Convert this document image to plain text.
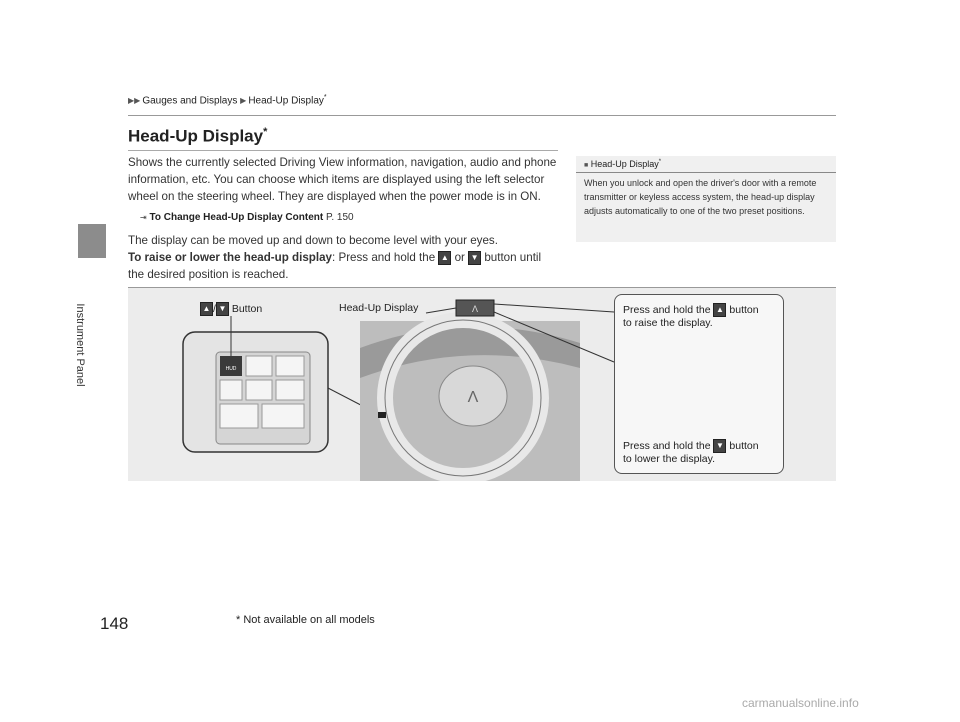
Instrument Panel
▶▶ Gauges and Displays ▶ Head-Up Display*
Head-Up Display*
Shows the currently selected Driving View information, navigation, audio and phone information, etc. You can choose which items are displayed using the left selector wheel on the steering wheel. They are displayed when the power mode is in ON.
⇥ To Change Head-Up Display Content P. 150
The display can be moved up and down to become level with your eyes.
To raise or lower the head-up display: Press and hold the ▲ or ▼ button until
the desired position is reached.
■ Head-Up Display*
When you unlock and open the driver's door with a remote transmitter or keyless access system, the head-up display adjusts automatically to one of the two preset positions.
HUD
Λ
Λ
▲ / ▼ Button	Head-Up Display	Press and hold the ▲ button
to raise the display.
Press and hold the ▼ button
to lower the display.
148	* Not available on all models
carmanualsonline.info
